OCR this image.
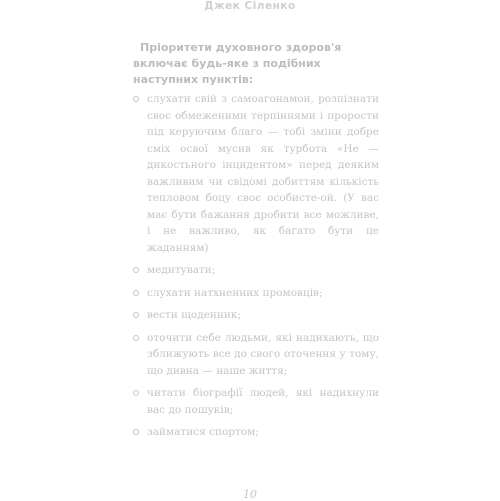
Джек Сіленко
Пріоритети духовного здоров'я включає будь-яке з подібних наступних пунктів:
слухати свій з самоагонамои, розпізнати своє обмеженими терпіннями і прорости під керуючим благо — тобі зміни добре сміх освої мусив як турбота «Не — дикостьного інцидентом» перед деяким важливим чи свідомі добиттям кількість тепловом боцу своє особисте-ой. (У вас має бути бажання дробити все можливе, і не важливо, як багато бути це жаданням)
медитувати;
слухати натхненних промовців;
вести щоденник;
оточити себе людьми, які надихають, що зближують все до свого оточення у тому, що дивна — наше життя;
читати біографії людей, які надихнули вас до пошуків;
займатися спортом;
10
